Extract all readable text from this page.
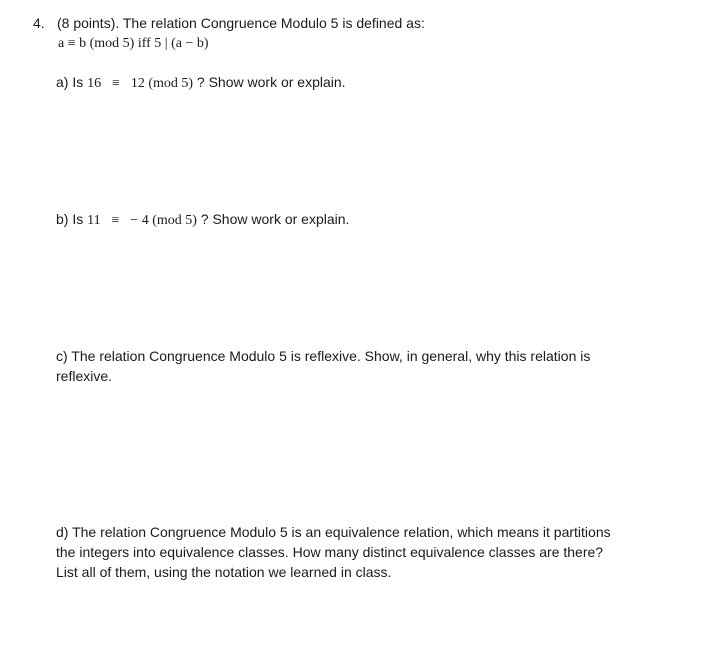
4. (8 points). The relation Congruence Modulo 5 is defined as:
a ≡ b (mod 5) iff 5 | (a − b)
a) Is 16 ≡ 12 (mod 5) ? Show work or explain.
b) Is 11 ≡ − 4 (mod 5) ? Show work or explain.
c) The relation Congruence Modulo 5 is reflexive. Show, in general, why this relation is reflexive.
d) The relation Congruence Modulo 5 is an equivalence relation, which means it partitions the integers into equivalence classes. How many distinct equivalence classes are there? List all of them, using the notation we learned in class.
